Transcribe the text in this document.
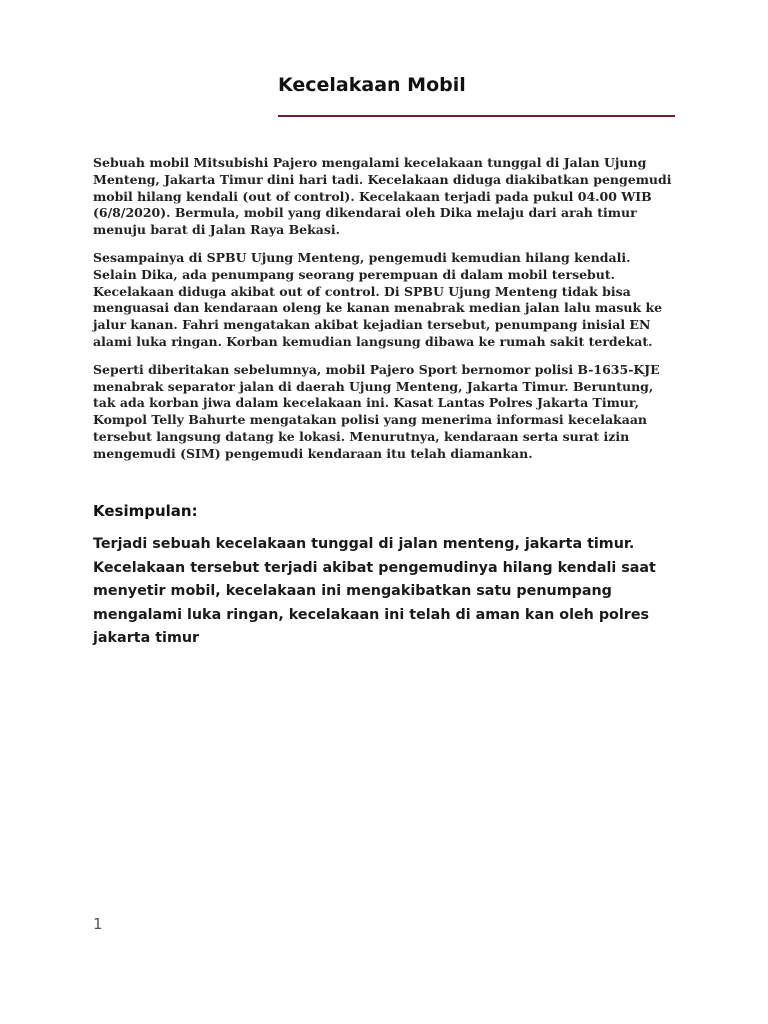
Kecelakaan Mobil

Sebuah mobil Mitsubishi Pajero mengalami kecelakaan tunggal di Jalan Ujung Menteng, Jakarta Timur dini hari tadi. Kecelakaan diduga diakibatkan pengemudi mobil hilang kendali (out of control). Kecelakaan terjadi pada pukul 04.00 WIB (6/8/2020). Bermula, mobil yang dikendarai oleh Dika melaju dari arah timur menuju barat di Jalan Raya Bekasi.

Sesampainya di SPBU Ujung Menteng, pengemudi kemudian hilang kendali. Selain Dika, ada penumpang seorang perempuan di dalam mobil tersebut. Kecelakaan diduga akibat out of control. Di SPBU Ujung Menteng tidak bisa menguasai dan kendaraan oleng ke kanan menabrak median jalan lalu masuk ke jalur kanan. Fahri mengatakan akibat kejadian tersebut, penumpang inisial EN alami luka ringan. Korban kemudian langsung dibawa ke rumah sakit terdekat.

Seperti diberitakan sebelumnya, mobil Pajero Sport bernomor polisi B-1635-KJE menabrak separator jalan di daerah Ujung Menteng, Jakarta Timur. Beruntung, tak ada korban jiwa dalam kecelakaan ini. Kasat Lantas Polres Jakarta Timur, Kompol Telly Bahurte mengatakan polisi yang menerima informasi kecelakaan tersebut langsung datang ke lokasi. Menurutnya, kendaraan serta surat izin mengemudi (SIM) pengemudi kendaraan itu telah diamankan.

Kesimpulan:

Terjadi sebuah kecelakaan tunggal di jalan menteng, jakarta timur. Kecelakaan tersebut terjadi akibat pengemudinya hilang kendali saat menyetir mobil, kecelakaan ini mengakibatkan satu penumpang mengalami luka ringan, kecelakaan ini telah di aman kan oleh polres jakarta timur

1
